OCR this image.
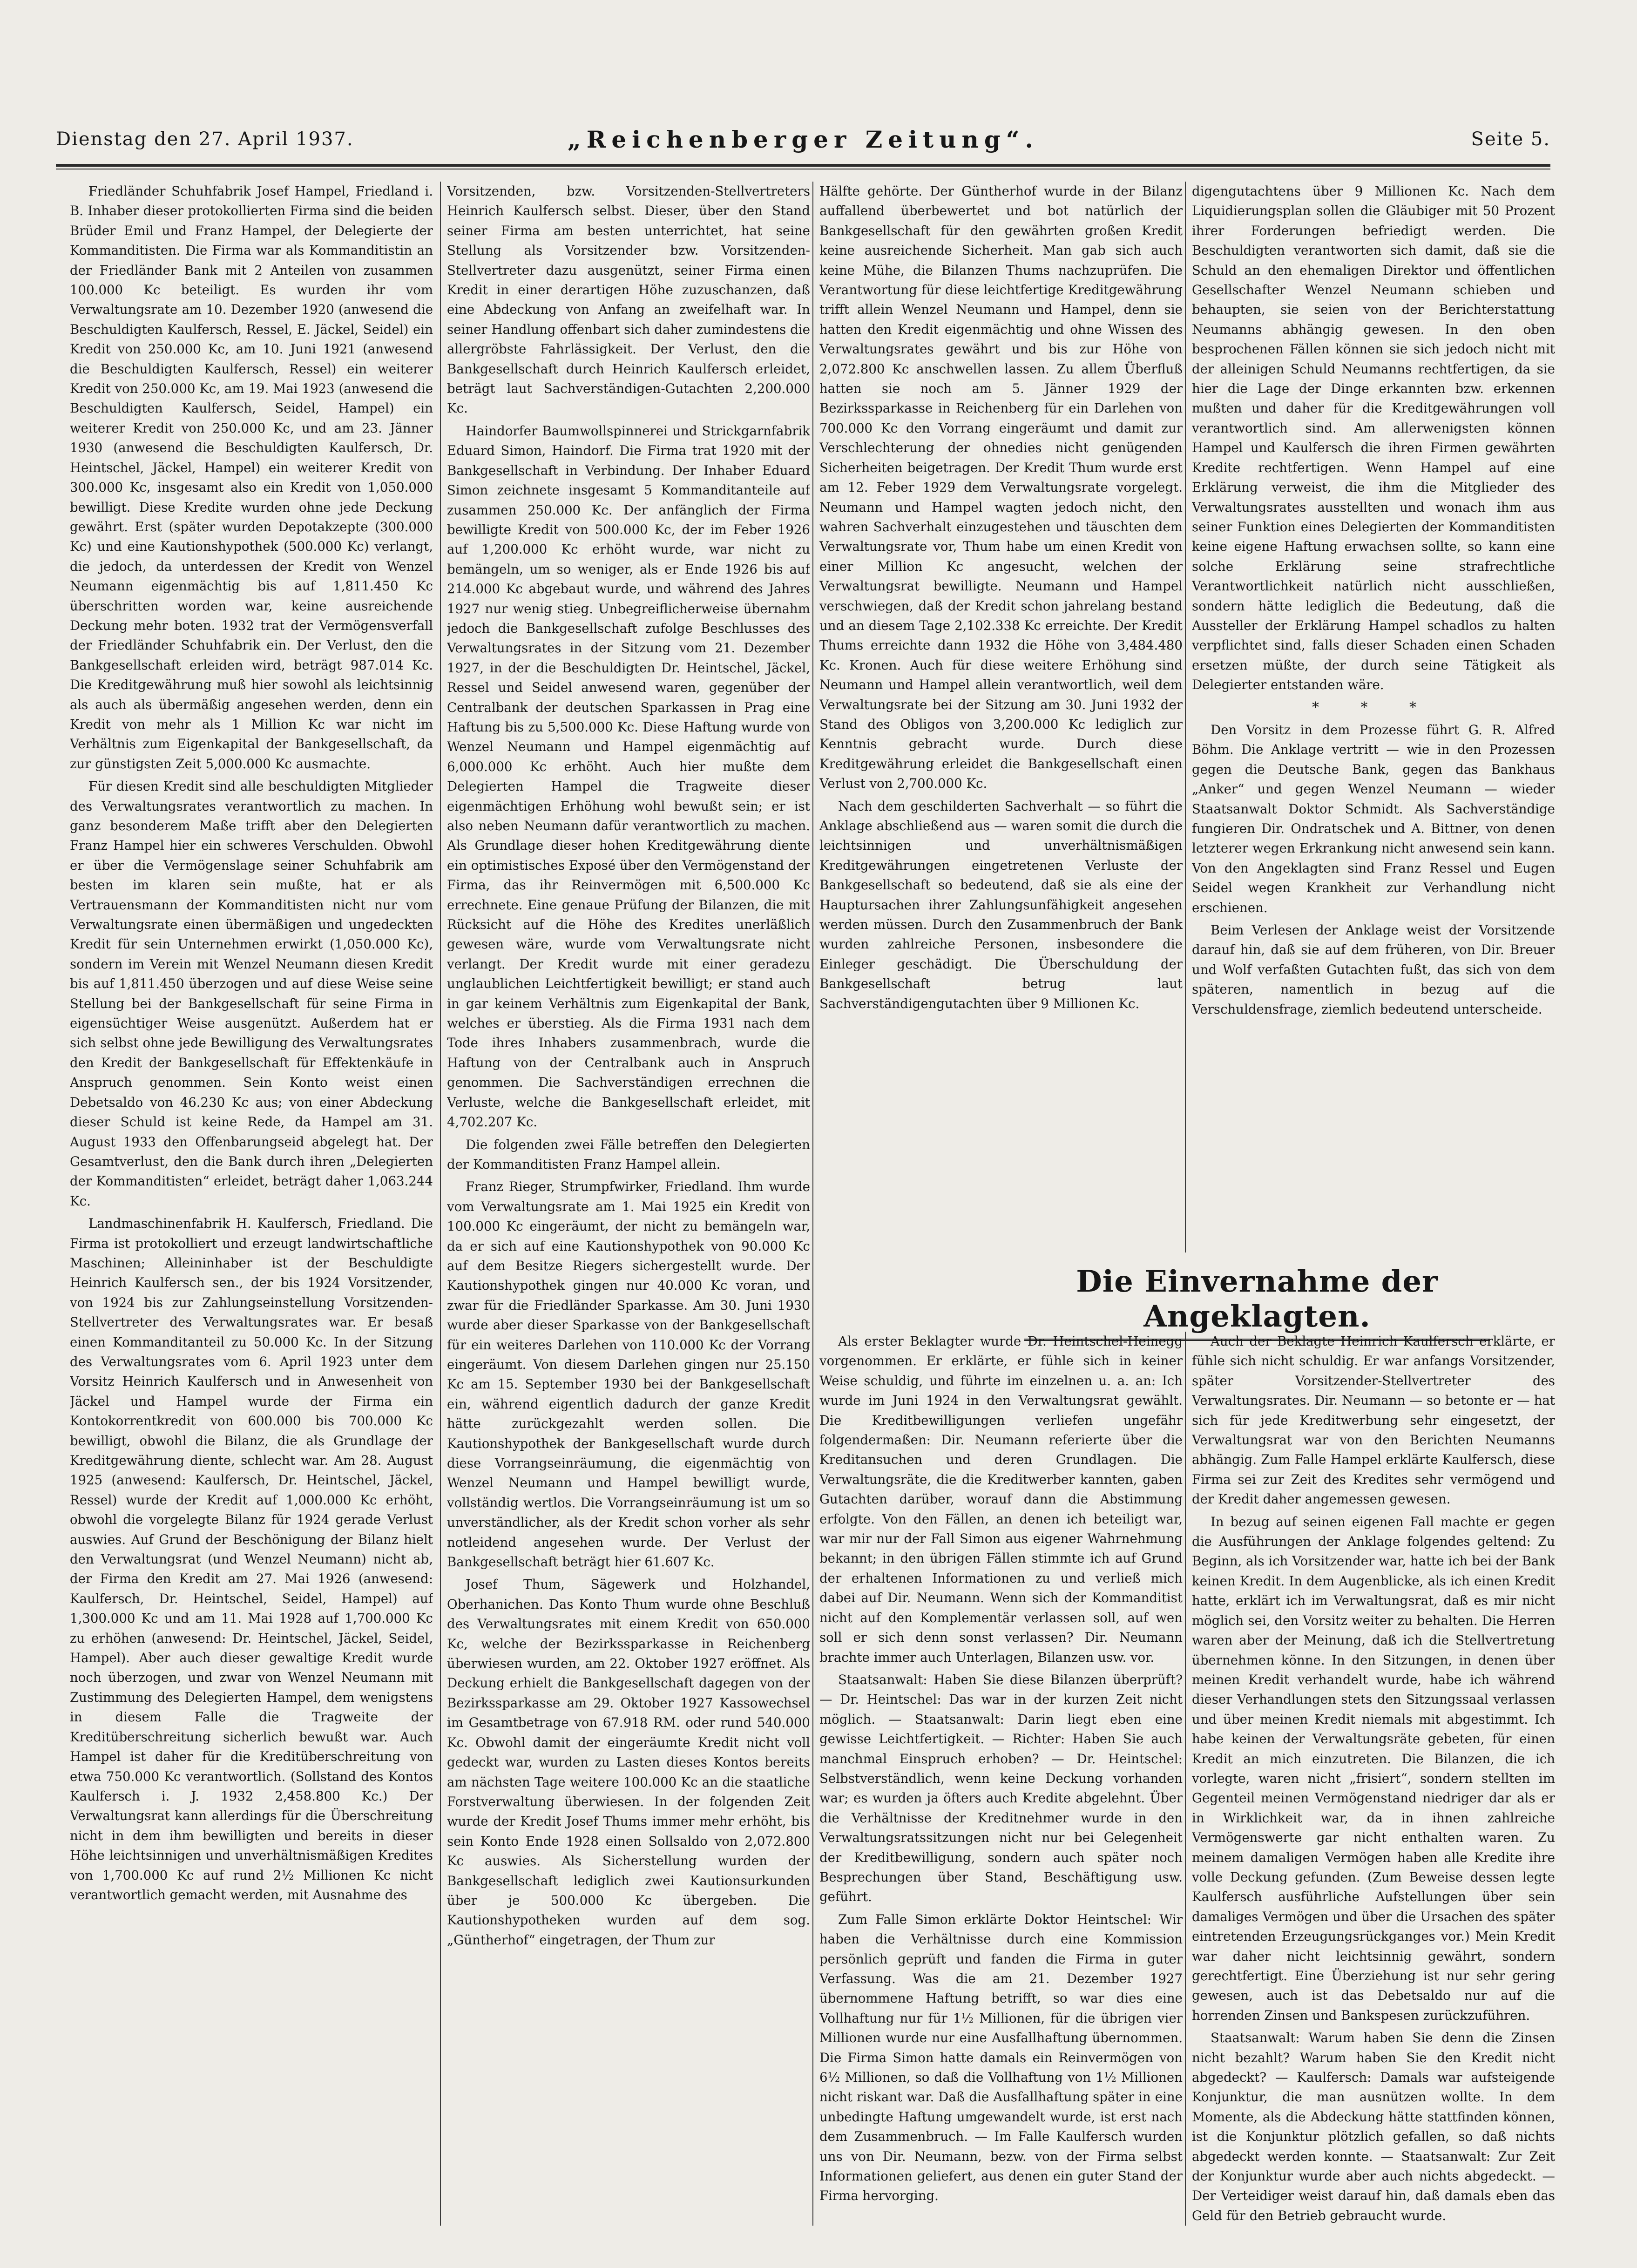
Dienstag den 27. April 1937.	„Reichenberger Zeitung“.	Seite 5.

Friedländer Schuhfabrik Josef Hampel, Friedland i. B. Inhaber dieser protokollierten Firma sind die beiden Brüder Emil und Franz Hampel, der Delegierte der Kommanditisten. Die Firma war als Kommanditistin an der Friedländer Bank mit 2 Anteilen von zusammen 100.000 Kc beteiligt. Es wurden ihr vom Verwaltungsrate am 10. Dezember 1920 (anwesend die Beschuldigten Kaulfersch, Ressel, E. Jäckel, Seidel) ein Kredit von 250.000 Kc, am 10. Juni 1921 (anwesend die Beschuldigten Kaulfersch, Ressel) ein weiterer Kredit von 250.000 Kc, am 19. Mai 1923 (anwesend die Beschuldigten Kaulfersch, Seidel, Hampel) ein weiterer Kredit von 250.000 Kc, und am 23. Jänner 1930 (anwesend die Beschuldigten Kaulfersch, Dr. Heintschel, Jäckel, Hampel) ein weiterer Kredit von 300.000 Kc, insgesamt also ein Kredit von 1,050.000 bewilligt. Diese Kredite wurden ohne jede Deckung gewährt. Erst (später wurden Depotakzepte (300.000 Kc) und eine Kautionshypothek (500.000 Kc) verlangt, die jedoch, da unterdessen der Kredit von Wenzel Neumann eigenmächtig bis auf 1,811.450 Kc überschritten worden war, keine ausreichende Deckung mehr boten. 1932 trat der Vermögensverfall der Friedländer Schuhfabrik ein. Der Verlust, den die Bankgesellschaft erleiden wird, beträgt 987.014 Kc. Die Kreditgewährung muß hier sowohl als leichtsinnig als auch als übermäßig angesehen werden, denn ein Kredit von mehr als 1 Million Kc war nicht im Verhältnis zum Eigenkapital der Bankgesellschaft, da zur günstigsten Zeit 5,000.000 Kc ausmachte.

Für diesen Kredit sind alle beschuldigten Mitglieder des Verwaltungsrates verantwortlich zu machen. In ganz besonderem Maße trifft aber den Delegierten Franz Hampel hier ein schweres Verschulden. Obwohl er über die Vermögenslage seiner Schuhfabrik am besten im klaren sein mußte, hat er als Vertrauensmann der Kommanditisten nicht nur vom Verwaltungsrate einen übermäßigen und ungedeckten Kredit für sein Unternehmen erwirkt (1,050.000 Kc), sondern im Verein mit Wenzel Neumann diesen Kredit bis auf 1,811.450 überzogen und auf diese Weise seine Stellung bei der Bankgesellschaft für seine Firma in eigensüchtiger Weise ausgenützt. Außerdem hat er sich selbst ohne jede Bewilligung des Verwaltungsrates den Kredit der Bankgesellschaft für Effektenkäufe in Anspruch genommen. Sein Konto weist einen Debetsaldo von 46.230 Kc aus; von einer Abdeckung dieser Schuld ist keine Rede, da Hampel am 31. August 1933 den Offenbarungseid abgelegt hat. Der Gesamtverlust, den die Bank durch ihren „Delegierten der Kommanditisten“ erleidet, beträgt daher 1,063.244 Kc.

Landmaschinenfabrik H. Kaulfersch, Friedland. Die Firma ist protokolliert und erzeugt landwirtschaftliche Maschinen; Alleininhaber ist der Beschuldigte Heinrich Kaulfersch sen., der bis 1924 Vorsitzender, von 1924 bis zur Zahlungseinstellung Vorsitzenden-Stellvertreter des Verwaltungsrates war. Er besaß einen Kommanditanteil zu 50.000 Kc. In der Sitzung des Verwaltungsrates vom 6. April 1923 unter dem Vorsitz Heinrich Kaulfersch und in Anwesenheit von Jäckel und Hampel wurde der Firma ein Kontokorrentkredit von 600.000 bis 700.000 Kc bewilligt, obwohl die Bilanz, die als Grundlage der Kreditgewährung diente, schlecht war. Am 28. August 1925 (anwesend: Kaulfersch, Dr. Heintschel, Jäckel, Ressel) wurde der Kredit auf 1,000.000 Kc erhöht, obwohl die vorgelegte Bilanz für 1924 gerade Verlust auswies. Auf Grund der Beschönigung der Bilanz hielt den Verwaltungsrat (und Wenzel Neumann) nicht ab, der Firma den Kredit am 27. Mai 1926 (anwesend: Kaulfersch, Dr. Heintschel, Seidel, Hampel) auf 1,300.000 Kc und am 11. Mai 1928 auf 1,700.000 Kc zu erhöhen (anwesend: Dr. Heintschel, Jäckel, Seidel, Hampel). Aber auch dieser gewaltige Kredit wurde noch überzogen, und zwar von Wenzel Neumann mit Zustimmung des Delegierten Hampel, dem wenigstens in diesem Falle die Tragweite der Kreditüberschreitung sicherlich bewußt war. Auch Hampel ist daher für die Kreditüberschreitung von etwa 750.000 Kc verantwortlich. (Sollstand des Kontos Kaulfersch i. J. 1932 2,458.800 Kc.) Der Verwaltungsrat kann allerdings für die Überschreitung nicht in dem ihm bewilligten und bereits in dieser Höhe leichtsinnigen und unverhältnismäßigen Kredites von 1,700.000 Kc auf rund 2½ Millionen Kc nicht verantwortlich gemacht werden, mit Ausnahme des

Vorsitzenden, bzw. Vorsitzenden-Stellvertreters Heinrich Kaulfersch selbst. Dieser, über den Stand seiner Firma am besten unterrichtet, hat seine Stellung als Vorsitzender bzw. Vorsitzenden-Stellvertreter dazu ausgenützt, seiner Firma einen Kredit in einer derartigen Höhe zuzuschanzen, daß eine Abdeckung von Anfang an zweifelhaft war. In seiner Handlung offenbart sich daher zumindestens die allergröbste Fahrlässigkeit. Der Verlust, den die Bankgesellschaft durch Heinrich Kaulfersch erleidet, beträgt laut Sachverständigen-Gutachten 2,200.000 Kc.

Haindorfer Baumwollspinnerei und Strickgarnfabrik Eduard Simon, Haindorf. Die Firma trat 1920 mit der Bankgesellschaft in Verbindung. Der Inhaber Eduard Simon zeichnete insgesamt 5 Kommanditanteile auf zusammen 250.000 Kc. Der anfänglich der Firma bewilligte Kredit von 500.000 Kc, der im Feber 1926 auf 1,200.000 Kc erhöht wurde, war nicht zu bemängeln, um so weniger, als er Ende 1926 bis auf 214.000 Kc abgebaut wurde, und während des Jahres 1927 nur wenig stieg. Unbegreiflicherweise übernahm jedoch die Bankgesellschaft zufolge Beschlusses des Verwaltungsrates in der Sitzung vom 21. Dezember 1927, in der die Beschuldigten Dr. Heintschel, Jäckel, Ressel und Seidel anwesend waren, gegenüber der Centralbank der deutschen Sparkassen in Prag eine Haftung bis zu 5,500.000 Kc. Diese Haftung wurde von Wenzel Neumann und Hampel eigenmächtig auf 6,000.000 Kc erhöht. Auch hier mußte dem Delegierten Hampel die Tragweite dieser eigenmächtigen Erhöhung wohl bewußt sein; er ist also neben Neumann dafür verantwortlich zu machen. Als Grundlage dieser hohen Kreditgewährung diente ein optimistisches Exposé über den Vermögenstand der Firma, das ihr Reinvermögen mit 6,500.000 Kc errechnete. Eine genaue Prüfung der Bilanzen, die mit Rücksicht auf die Höhe des Kredites unerläßlich gewesen wäre, wurde vom Verwaltungsrate nicht verlangt. Der Kredit wurde mit einer geradezu unglaublichen Leichtfertigkeit bewilligt; er stand auch in gar keinem Verhältnis zum Eigenkapital der Bank, welches er überstieg. Als die Firma 1931 nach dem Tode ihres Inhabers zusammenbrach, wurde die Haftung von der Centralbank auch in Anspruch genommen. Die Sachverständigen errechnen die Verluste, welche die Bankgesellschaft erleidet, mit 4,702.207 Kc.

Die folgenden zwei Fälle betreffen den Delegierten der Kommanditisten Franz Hampel allein.

Franz Rieger, Strumpfwirker, Friedland. Ihm wurde vom Verwaltungsrate am 1. Mai 1925 ein Kredit von 100.000 Kc eingeräumt, der nicht zu bemängeln war, da er sich auf eine Kautionshypothek von 90.000 Kc auf dem Besitze Riegers sichergestellt wurde. Der Kautionshypothek gingen nur 40.000 Kc voran, und zwar für die Friedländer Sparkasse. Am 30. Juni 1930 wurde aber dieser Sparkasse von der Bankgesellschaft für ein weiteres Darlehen von 110.000 Kc der Vorrang eingeräumt. Von diesem Darlehen gingen nur 25.150 Kc am 15. September 1930 bei der Bankgesellschaft ein, während eigentlich dadurch der ganze Kredit hätte zurückgezahlt werden sollen. Die Kautionshypothek der Bankgesellschaft wurde durch diese Vorrangseinräumung, die eigenmächtig von Wenzel Neumann und Hampel bewilligt wurde, vollständig wertlos. Die Vorrangseinräumung ist um so unverständlicher, als der Kredit schon vorher als sehr notleidend angesehen wurde. Der Verlust der Bankgesellschaft beträgt hier 61.607 Kc.

Josef Thum, Sägewerk und Holzhandel, Oberhanichen. Das Konto Thum wurde ohne Beschluß des Verwaltungsrates mit einem Kredit von 650.000 Kc, welche der Bezirkssparkasse in Reichenberg überwiesen wurden, am 22. Oktober 1927 eröffnet. Als Deckung erhielt die Bankgesellschaft dagegen von der Bezirkssparkasse am 29. Oktober 1927 Kassowechsel im Gesamtbetrage von 67.918 RM. oder rund 540.000 Kc. Obwohl damit der eingeräumte Kredit nicht voll gedeckt war, wurden zu Lasten dieses Kontos bereits am nächsten Tage weitere 100.000 Kc an die staatliche Forstverwaltung überwiesen. In der folgenden Zeit wurde der Kredit Josef Thums immer mehr erhöht, bis sein Konto Ende 1928 einen Sollsaldo von 2,072.800 Kc auswies. Als Sicherstellung wurden der Bankgesellschaft lediglich zwei Kautionsurkunden über je 500.000 Kc übergeben. Die Kautionshypotheken wurden auf dem sog. „Güntherhof“ eingetragen, der Thum zur

Hälfte gehörte. Der Güntherhof wurde in der Bilanz auffallend überbewertet und bot natürlich der Bankgesellschaft für den gewährten großen Kredit keine ausreichende Sicherheit. Man gab sich auch keine Mühe, die Bilanzen Thums nachzuprüfen. Die Verantwortung für diese leichtfertige Kreditgewährung trifft allein Wenzel Neumann und Hampel, denn sie hatten den Kredit eigenmächtig und ohne Wissen des Verwaltungsrates gewährt und bis zur Höhe von 2,072.800 Kc anschwellen lassen. Zu allem Überfluß hatten sie noch am 5. Jänner 1929 der Bezirkssparkasse in Reichenberg für ein Darlehen von 700.000 Kc den Vorrang eingeräumt und damit zur Verschlechterung der ohnedies nicht genügenden Sicherheiten beigetragen. Der Kredit Thum wurde erst am 12. Feber 1929 dem Verwaltungsrate vorgelegt. Neumann und Hampel wagten jedoch nicht, den wahren Sachverhalt einzugestehen und täuschten dem Verwaltungsrate vor, Thum habe um einen Kredit von einer Million Kc angesucht, welchen der Verwaltungsrat bewilligte. Neumann und Hampel verschwiegen, daß der Kredit schon jahrelang bestand und an diesem Tage 2,102.338 Kc erreichte. Der Kredit Thums erreichte dann 1932 die Höhe von 3,484.480 Kc. Kronen. Auch für diese weitere Erhöhung sind Neumann und Hampel allein verantwortlich, weil dem Verwaltungsrate bei der Sitzung am 30. Juni 1932 der Stand des Obligos von 3,200.000 Kc lediglich zur Kenntnis gebracht wurde. Durch diese Kreditgewährung erleidet die Bankgesellschaft einen Verlust von 2,700.000 Kc.

Nach dem geschilderten Sachverhalt — so führt die Anklage abschließend aus — waren somit die durch die leichtsinnigen und unverhältnismäßigen Kreditgewährungen eingetretenen Verluste der Bankgesellschaft so bedeutend, daß sie als eine der Hauptursachen ihrer Zahlungsunfähigkeit angesehen werden müssen. Durch den Zusammenbruch der Bank wurden zahlreiche Personen, insbesondere die Einleger geschädigt. Die Überschuldung der Bankgesellschaft betrug laut Sachverständigengutachten über 9 Millionen Kc.

digengutachtens über 9 Millionen Kc. Nach dem Liquidierungsplan sollen die Gläubiger mit 50 Prozent ihrer Forderungen befriedigt werden. Die Beschuldigten verantworten sich damit, daß sie die Schuld an den ehemaligen Direktor und öffentlichen Gesellschafter Wenzel Neumann schieben und behaupten, sie seien von der Berichterstattung Neumanns abhängig gewesen. In den oben besprochenen Fällen können sie sich jedoch nicht mit der alleinigen Schuld Neumanns rechtfertigen, da sie hier die Lage der Dinge erkannten bzw. erkennen mußten und daher für die Kreditgewährungen voll verantwortlich sind. Am allerwenigsten können Hampel und Kaulfersch die ihren Firmen gewährten Kredite rechtfertigen. Wenn Hampel auf eine Erklärung verweist, die ihm die Mitglieder des Verwaltungsrates ausstellten und wonach ihm aus seiner Funktion eines Delegierten der Kommanditisten keine eigene Haftung erwachsen sollte, so kann eine solche Erklärung seine strafrechtliche Verantwortlichkeit natürlich nicht ausschließen, sondern hätte lediglich die Bedeutung, daß die Aussteller der Erklärung Hampel schadlos zu halten verpflichtet sind, falls dieser Schaden einen Schaden ersetzen müßte, der durch seine Tätigkeit als Delegierter entstanden wäre.

* * *

Den Vorsitz in dem Prozesse führt G. R. Alfred Böhm. Die Anklage vertritt — wie in den Prozessen gegen die Deutsche Bank, gegen das Bankhaus „Anker“ und gegen Wenzel Neumann — wieder Staatsanwalt Doktor Schmidt. Als Sachverständige fungieren Dir. Ondratschek und A. Bittner, von denen letzterer wegen Erkrankung nicht anwesend sein kann. Von den Angeklagten sind Franz Ressel und Eugen Seidel wegen Krankheit zur Verhandlung nicht erschienen.

Beim Verlesen der Anklage weist der Vorsitzende darauf hin, daß sie auf dem früheren, von Dir. Breuer und Wolf verfaßten Gutachten fußt, das sich von dem späteren, namentlich in bezug auf die Verschuldensfrage, ziemlich bedeutend unterscheide.

Die Einvernahme der Angeklagten.

Als erster Beklagter wurde Dr. Heintschel-Heinegg vorgenommen. Er erklärte, er fühle sich in keiner Weise schuldig, und führte im einzelnen u. a. an: Ich wurde im Juni 1924 in den Verwaltungsrat gewählt. Die Kreditbewilligungen verliefen ungefähr folgendermaßen: Dir. Neumann referierte über die Kreditansuchen und deren Grundlagen. Die Verwaltungsräte, die die Kreditwerber kannten, gaben Gutachten darüber, worauf dann die Abstimmung erfolgte. Von den Fällen, an denen ich beteiligt war, war mir nur der Fall Simon aus eigener Wahrnehmung bekannt; in den übrigen Fällen stimmte ich auf Grund der erhaltenen Informationen zu und verließ mich dabei auf Dir. Neumann. Wenn sich der Kommanditist nicht auf den Komplementär verlassen soll, auf wen soll er sich denn sonst verlassen? Dir. Neumann brachte immer auch Unterlagen, Bilanzen usw. vor.

Staatsanwalt: Haben Sie diese Bilanzen überprüft? — Dr. Heintschel: Das war in der kurzen Zeit nicht möglich. — Staatsanwalt: Darin liegt eben eine gewisse Leichtfertigkeit. — Richter: Haben Sie auch manchmal Einspruch erhoben? — Dr. Heintschel: Selbstverständlich, wenn keine Deckung vorhanden war; es wurden ja öfters auch Kredite abgelehnt. Über die Verhältnisse der Kreditnehmer wurde in den Verwaltungsratssitzungen nicht nur bei Gelegenheit der Kreditbewilligung, sondern auch später noch Besprechungen über Stand, Beschäftigung usw. geführt.

Zum Falle Simon erklärte Doktor Heintschel: Wir haben die Verhältnisse durch eine Kommission persönlich geprüft und fanden die Firma in guter Verfassung. Was die am 21. Dezember 1927 übernommene Haftung betrifft, so war dies eine Vollhaftung nur für 1½ Millionen, für die übrigen vier Millionen wurde nur eine Ausfallhaftung übernommen. Die Firma Simon hatte damals ein Reinvermögen von 6½ Millionen, so daß die Vollhaftung von 1½ Millionen nicht riskant war. Daß die Ausfallhaftung später in eine unbedingte Haftung umgewandelt wurde, ist erst nach dem Zusammenbruch. — Im Falle Kaulfersch wurden uns von Dir. Neumann, bezw. von der Firma selbst Informationen geliefert, aus denen ein guter Stand der Firma hervorging.

Auch der Beklagte Heinrich Kaulfersch erklärte, er fühle sich nicht schuldig. Er war anfangs Vorsitzender, später Vorsitzender-Stellvertreter des Verwaltungsrates. Dir. Neumann — so betonte er — hat sich für jede Kreditwerbung sehr eingesetzt, der Verwaltungsrat war von den Berichten Neumanns abhängig. Zum Falle Hampel erklärte Kaulfersch, diese Firma sei zur Zeit des Kredites sehr vermögend und der Kredit daher angemessen gewesen.

In bezug auf seinen eigenen Fall machte er gegen die Ausführungen der Anklage folgendes geltend: Zu Beginn, als ich Vorsitzender war, hatte ich bei der Bank keinen Kredit. In dem Augenblicke, als ich einen Kredit hatte, erklärt ich im Verwaltungsrat, daß es mir nicht möglich sei, den Vorsitz weiter zu behalten. Die Herren waren aber der Meinung, daß ich die Stellvertretung übernehmen könne. In den Sitzungen, in denen über meinen Kredit verhandelt wurde, habe ich während dieser Verhandlungen stets den Sitzungssaal verlassen und über meinen Kredit niemals mit abgestimmt. Ich habe keinen der Verwaltungsräte gebeten, für einen Kredit an mich einzutreten. Die Bilanzen, die ich vorlegte, waren nicht „frisiert“, sondern stellten im Gegenteil meinen Vermögenstand niedriger dar als er in Wirklichkeit war, da in ihnen zahlreiche Vermögenswerte gar nicht enthalten waren. Zu meinem damaligen Vermögen haben alle Kredite ihre volle Deckung gefunden. (Zum Beweise dessen legte Kaulfersch ausführliche Aufstellungen über sein damaliges Vermögen und über die Ursachen des später eintretenden Erzeugungsrückganges vor.) Mein Kredit war daher nicht leichtsinnig gewährt, sondern gerechtfertigt. Eine Überziehung ist nur sehr gering gewesen, auch ist das Debetsaldo nur auf die horrenden Zinsen und Bankspesen zurückzuführen.

Staatsanwalt: Warum haben Sie denn die Zinsen nicht bezahlt? Warum haben Sie den Kredit nicht abgedeckt? — Kaulfersch: Damals war aufsteigende Konjunktur, die man ausnützen wollte. In dem Momente, als die Abdeckung hätte stattfinden können, ist die Konjunktur plötzlich gefallen, so daß nichts abgedeckt werden konnte. — Staatsanwalt: Zur Zeit der Konjunktur wurde aber auch nichts abgedeckt. — Der Verteidiger weist darauf hin, daß damals eben das Geld für den Betrieb gebraucht wurde.
